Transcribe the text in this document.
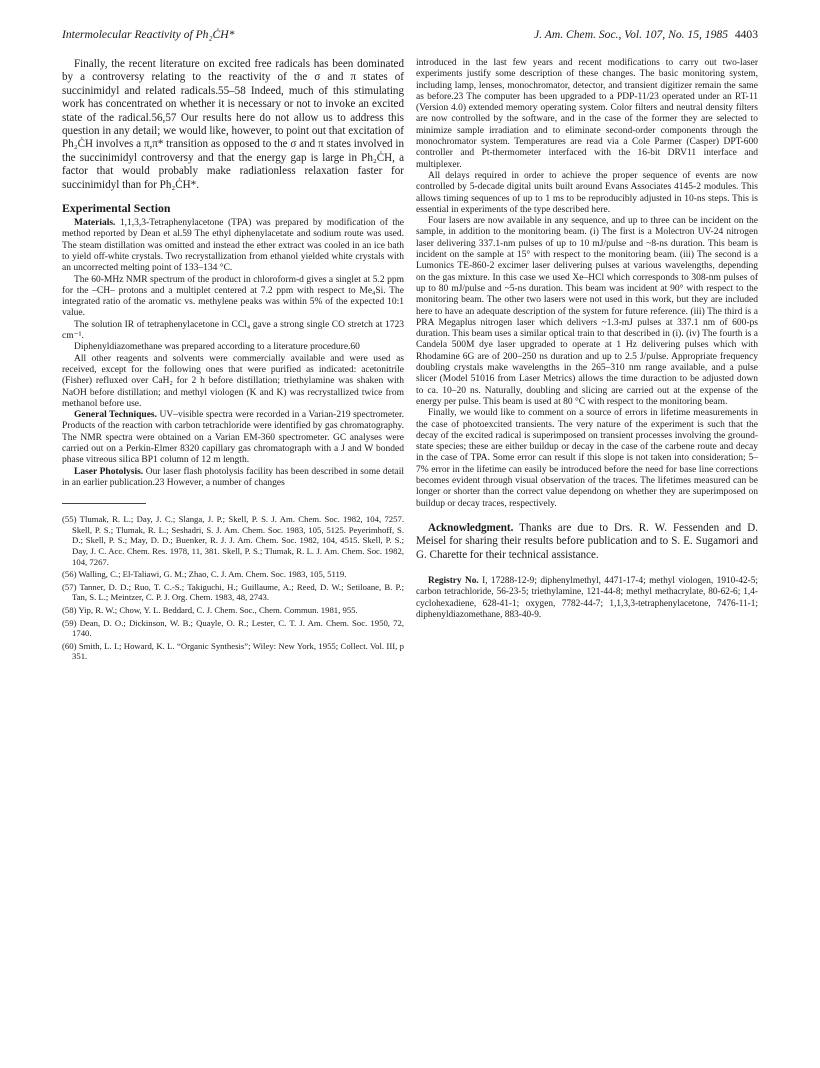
Intermolecular Reactivity of Ph₂ĊH*	J. Am. Chem. Soc., Vol. 107, No. 15, 1985 4403

Finally, the recent literature on excited free radicals has been dominated by a controversy relating to the reactivity of the σ and π states of succinimidyl and related radicals.55–58 Indeed, much of this stimulating work has concentrated on whether it is necessary or not to invoke an excited state of the radical.56,57 Our results here do not allow us to address this question in any detail; we would like, however, to point out that excitation of Ph₂ĊH involves a π,π* transition as opposed to the σ and π states involved in the succinimidyl controversy and that the energy gap is large in Ph₂ĊH, a factor that would probably make radiationless relaxation faster for succinimidyl than for Ph₂ĊH*.

Experimental Section

Materials. 1,1,3,3-Tetraphenylacetone (TPA) was prepared by modification of the method reported by Dean et al.59 The ethyl diphenylacetate and sodium route was used. The steam distillation was omitted and instead the ether extract was cooled in an ice bath to yield off-white crystals. Two recrystallization from ethanol yielded white crystals with an uncorrected melting point of 133–134 °C.

The 60-MHz NMR spectrum of the product in chloroform-d gives a singlet at 5.2 ppm for the –CH– protons and a multiplet centered at 7.2 ppm with respect to Me₄Si. The integrated ratio of the aromatic vs. methylene peaks was within 5% of the expected 10:1 value.

The solution IR of tetraphenylacetone in CCl₄ gave a strong single CO stretch at 1723 cm⁻¹.

Diphenyldiazomethane was prepared according to a literature procedure.60

All other reagents and solvents were commercially available and were used as received, except for the following ones that were purified as indicated: acetonitrile (Fisher) refluxed over CaH₂ for 2 h before distillation; triethylamine was shaken with NaOH before distillation; and methyl viologen (K and K) was recrystallized twice from methanol before use.

General Techniques. UV–visible spectra were recorded in a Varian-219 spectrometer. Products of the reaction with carbon tetrachloride were identified by gas chromatography. The NMR spectra were obtained on a Varian EM-360 spectrometer. GC analyses were carried out on a Perkin-Elmer 8320 capillary gas chromatograph with a J and W bonded phase vitreous silica BP1 column of 12 m length.

Laser Photolysis. Our laser flash photolysis facility has been described in some detail in an earlier publication.23 However, a number of changes

(55) Tlumak, R. L.; Day, J. C.; Slanga, J. P.; Skell, P. S. J. Am. Chem. Soc. 1982, 104, 7257. Skell, P. S.; Tlumak, R. L.; Seshadri, S. J. Am. Chem. Soc. 1983, 105, 5125. Peyerimhoff, S. D.; Skell, P. S.; May, D. D.; Buenker, R. J. J. Am. Chem. Soc. 1982, 104, 4515. Skell, P. S.; Day, J. C. Acc. Chem. Res. 1978, 11, 381. Skell, P. S.; Tlumak, R. L. J. Am. Chem. Soc. 1982, 104, 7267.
(56) Walling, C.; El-Taliawi, G. M.; Zhao, C. J. Am. Chem. Soc. 1983, 105, 5119.
(57) Tanner, D. D.; Ruo, T. C.-S.; Takiguchi, H.; Guillaume, A.; Reed, D. W.; Setiloane, B. P.; Tan, S. L.; Meintzer, C. P. J. Org. Chem. 1983, 48, 2743.
(58) Yip, R. W.; Chow, Y. L. Beddard, C. J. Chem. Soc., Chem. Commun. 1981, 955.
(59) Dean, D. O.; Dickinson, W. B.; Quayle, O. R.; Lester, C. T. J. Am. Chem. Soc. 1950, 72, 1740.
(60) Smith, L. I.; Howard, K. L. “Organic Synthesis”; Wiley: New York, 1955; Collect. Vol. III, p 351.

introduced in the last few years and recent modifications to carry out two-laser experiments justify some description of these changes. The basic monitoring system, including lamp, lenses, monochromator, detector, and transient digitizer remain the same as before.23 The computer has been upgraded to a PDP-11/23 operated under an RT-11 (Version 4.0) extended memory operating system. Color filters and neutral density filters are now controlled by the software, and in the case of the former they are selected to minimize sample irradiation and to eliminate second-order components through the monochromator system. Temperatures are read via a Cole Parmer (Casper) DPT-600 controller and Pt-thermometer interfaced with the 16-bit DRV11 interface and multiplexer.

All delays required in order to achieve the proper sequence of events are now controlled by 5-decade digital units built around Evans Associates 4145-2 modules. This allows timing sequences of up to 1 ms to be reproducibly adjusted in 10-ns steps. This is essential in experiments of the type described here.

Four lasers are now available in any sequence, and up to three can be incident on the sample, in addition to the monitoring beam. (i) The first is a Molectron UV-24 nitrogen laser delivering 337.1-nm pulses of up to 10 mJ/pulse and ~8-ns duration. This beam is incident on the sample at 15° with respect to the monitoring beam. (iii) The second is a Lumonics TE-860-2 excimer laser delivering pulses at various wavelengths, depending on the gas mixture. In this case we used Xe–HCl which corresponds to 308-nm pulses of up to 80 mJ/pulse and ~5-ns duration. This beam was incident at 90° with respect to the monitoring beam. The other two lasers were not used in this work, but they are included here to have an adequate description of the system for future reference. (iii) The third is a PRA Megaplus nitrogen laser which delivers ~1.3-mJ pulses at 337.1 nm of 600-ps duration. This beam uses a similar optical train to that described in (i). (iv) The fourth is a Candela 500M dye laser upgraded to operate at 1 Hz delivering pulses which with Rhodamine 6G are of 200–250 ns duration and up to 2.5 J/pulse. Appropriate frequency doubling crystals make wavelengths in the 265–310 nm range available, and a pulse slicer (Model 51016 from Laser Metrics) allows the time duraction to be adjusted down to ca. 10–20 ns. Naturally, doubling and slicing are carried out at the expense of the energy per pulse. This beam is used at 80 °C with respect to the monitoring beam.

Finally, we would like to comment on a source of errors in lifetime measurements in the case of photoexcited transients. The very nature of the experiment is such that the decay of the excited radical is superimposed on transient processes involving the ground-state species; these are either buildup or decay in the case of the carbene route and decay in the case of TPA. Some error can result if this slope is not taken into consideration; 5–7% error in the lifetime can easily be introduced before the need for base line corrections becomes evident through visual observation of the traces. The lifetimes measured can be longer or shorter than the correct value dependong on whether they are superimposed on buildup or decay traces, respectively.

Acknowledgment. Thanks are due to Drs. R. W. Fessenden and D. Meisel for sharing their results before publication and to S. E. Sugamori and G. Charette for their technical assistance.

Registry No. I, 17288-12-9; diphenylmethyl, 4471-17-4; methyl viologen, 1910-42-5; carbon tetrachloride, 56-23-5; triethylamine, 121-44-8; methyl methacrylate, 80-62-6; 1,4-cyclohexadiene, 628-41-1; oxygen, 7782-44-7; 1,1,3,3-tetraphenylacetone, 7476-11-1; diphenyldiazomethane, 883-40-9.
